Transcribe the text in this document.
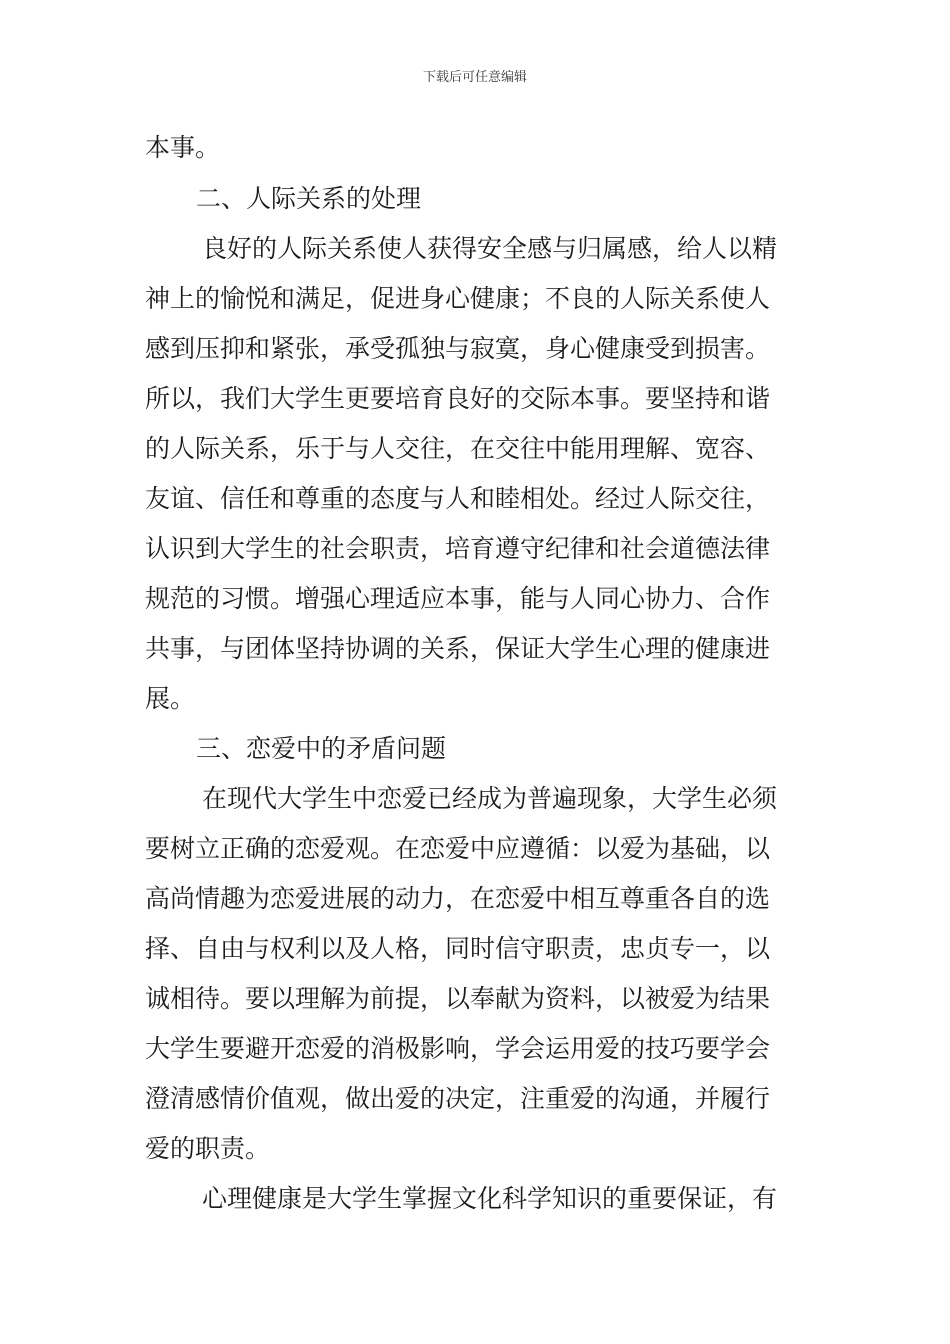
下载后可任意编辑
本事。
二、人际关系的处理
良好的人际关系使人获得安全感与归属感，给人以精
神上的愉悦和满足，促进身心健康；不良的人际关系使人
感到压抑和紧张，承受孤独与寂寞，身心健康受到损害。
所以，我们大学生更要培育良好的交际本事。要坚持和谐
的人际关系，乐于与人交往，在交往中能用理解、宽容、
友谊、信任和尊重的态度与人和睦相处。经过人际交往，
认识到大学生的社会职责，培育遵守纪律和社会道德法律
规范的习惯。增强心理适应本事，能与人同心协力、合作
共事，与团体坚持协调的关系，保证大学生心理的健康进
展。
三、恋爱中的矛盾问题
在现代大学生中恋爱已经成为普遍现象，大学生必须
要树立正确的恋爱观。在恋爱中应遵循：以爱为基础，以
高尚情趣为恋爱进展的动力，在恋爱中相互尊重各自的选
择、自由与权利以及人格，同时信守职责，忠贞专一，以
诚相待。要以理解为前提，以奉献为资料，以被爱为结果
大学生要避开恋爱的消极影响，学会运用爱的技巧要学会
澄清感情价值观，做出爱的决定，注重爱的沟通，并履行
爱的职责。
心理健康是大学生掌握文化科学知识的重要保证，有
